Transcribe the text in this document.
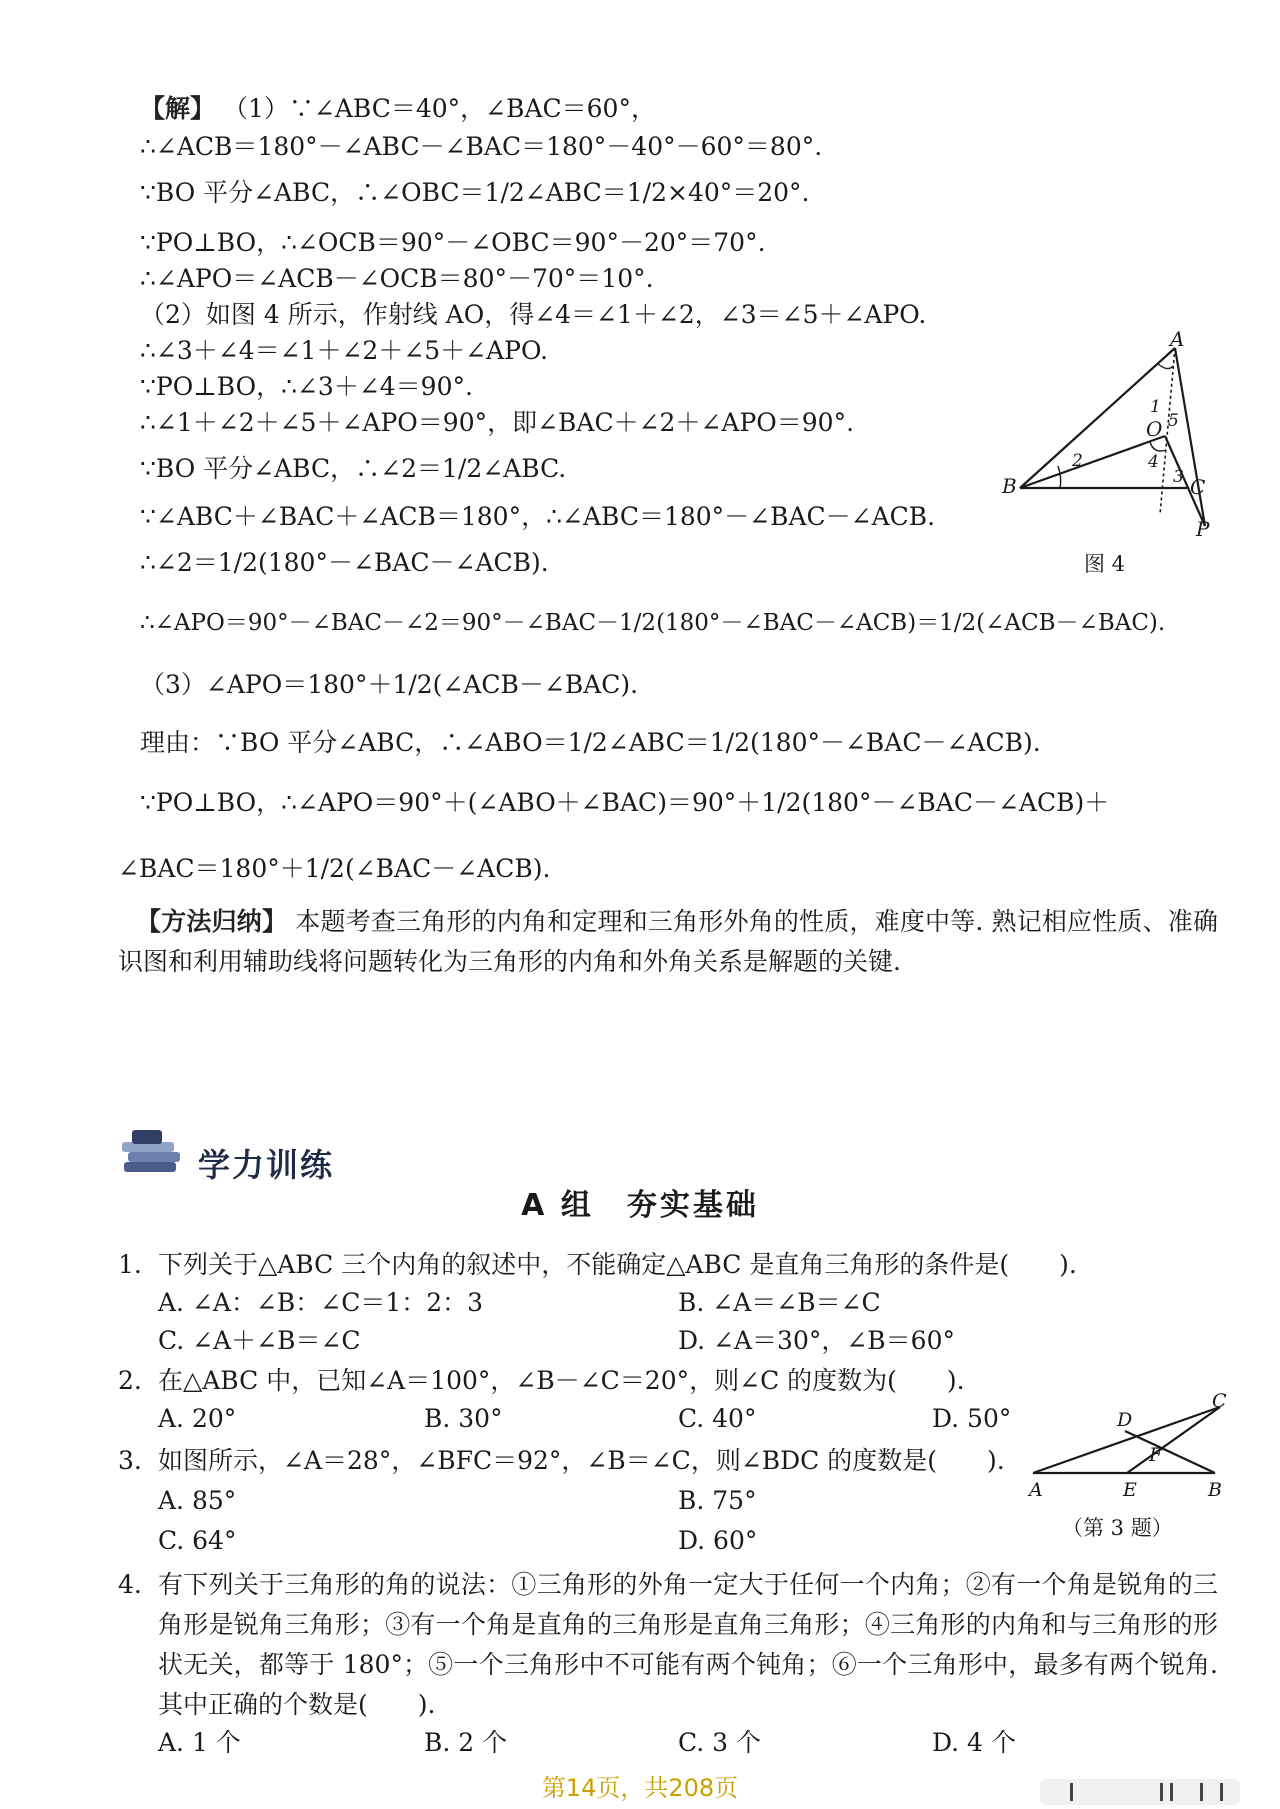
【解】 （1）∵∠ABC＝40°，∠BAC＝60°，
∴∠ACB＝180°－∠ABC－∠BAC＝180°－40°－60°＝80°.
∵BO 平分∠ABC，∴∠OBC＝1/2∠ABC＝1/2×40°＝20°.
∵PO⊥BO，∴∠OCB＝90°－∠OBC＝90°－20°＝70°.
∴∠APO＝∠ACB－∠OCB＝80°－70°＝10°.
（2）如图 4 所示，作射线 AO，得∠4＝∠1＋∠2，∠3＝∠5＋∠APO.
∴∠3＋∠4＝∠1＋∠2＋∠5＋∠APO.
∵PO⊥BO，∴∠3＋∠4＝90°.
∴∠1＋∠2＋∠5＋∠APO＝90°，即∠BAC＋∠2＋∠APO＝90°.
∵BO 平分∠ABC，∴∠2＝1/2∠ABC.
∵∠ABC＋∠BAC＋∠ACB＝180°，∴∠ABC＝180°－∠BAC－∠ACB.
∴∠2＝1/2(180°－∠BAC－∠ACB).
∴∠APO＝90°－∠BAC－∠2＝90°－∠BAC－1/2(180°－∠BAC－∠ACB)＝1/2(∠ACB－∠BAC).
（3）∠APO＝180°＋1/2(∠ACB－∠BAC).
理由：∵BO 平分∠ABC，∴∠ABO＝1/2∠ABC＝1/2(180°－∠BAC－∠ACB).
∵PO⊥BO，∴∠APO＝90°＋(∠ABO＋∠BAC)＝90°＋1/2(180°－∠BAC－∠ACB)＋
∠BAC＝180°＋1/2(∠BAC－∠ACB).
【方法归纳】 本题考查三角形的内角和定理和三角形外角的性质，难度中等. 熟记相应性质、准确识图和利用辅助线将问题转化为三角形的内角和外角关系是解题的关键.
A
B	C
O
P
1
2
3
4
5
图 4
学力训练
A 组　夯实基础
1. 下列关于△ABC 三个内角的叙述中，不能确定△ABC 是直角三角形的条件是(　　).
A. ∠A：∠B：∠C＝1：2：3	B. ∠A＝∠B＝∠C
C. ∠A＋∠B＝∠C	D. ∠A＝30°，∠B＝60°
2. 在△ABC 中，已知∠A＝100°，∠B－∠C＝20°，则∠C 的度数为(　　).
A. 20°	B. 30°	C. 40°	D. 50°
3. 如图所示，∠A＝28°，∠BFC＝92°，∠B＝∠C，则∠BDC 的度数是(　　).
A. 85°	B. 75°
C. 64°	D. 60°
A	B
C
D
E
F
（第 3 题）
4. 有下列关于三角形的角的说法：①三角形的外角一定大于任何一个内角；②有一个角是锐角的三角形是锐角三角形；③有一个角是直角的三角形是直角三角形；④三角形的内角和与三角形的形状无关，都等于 180°；⑤一个三角形中不可能有两个钝角；⑥一个三角形中，最多有两个锐角. 其中正确的个数是(　　).
A. 1 个	B. 2 个	C. 3 个	D. 4 个
第14页，共208页
